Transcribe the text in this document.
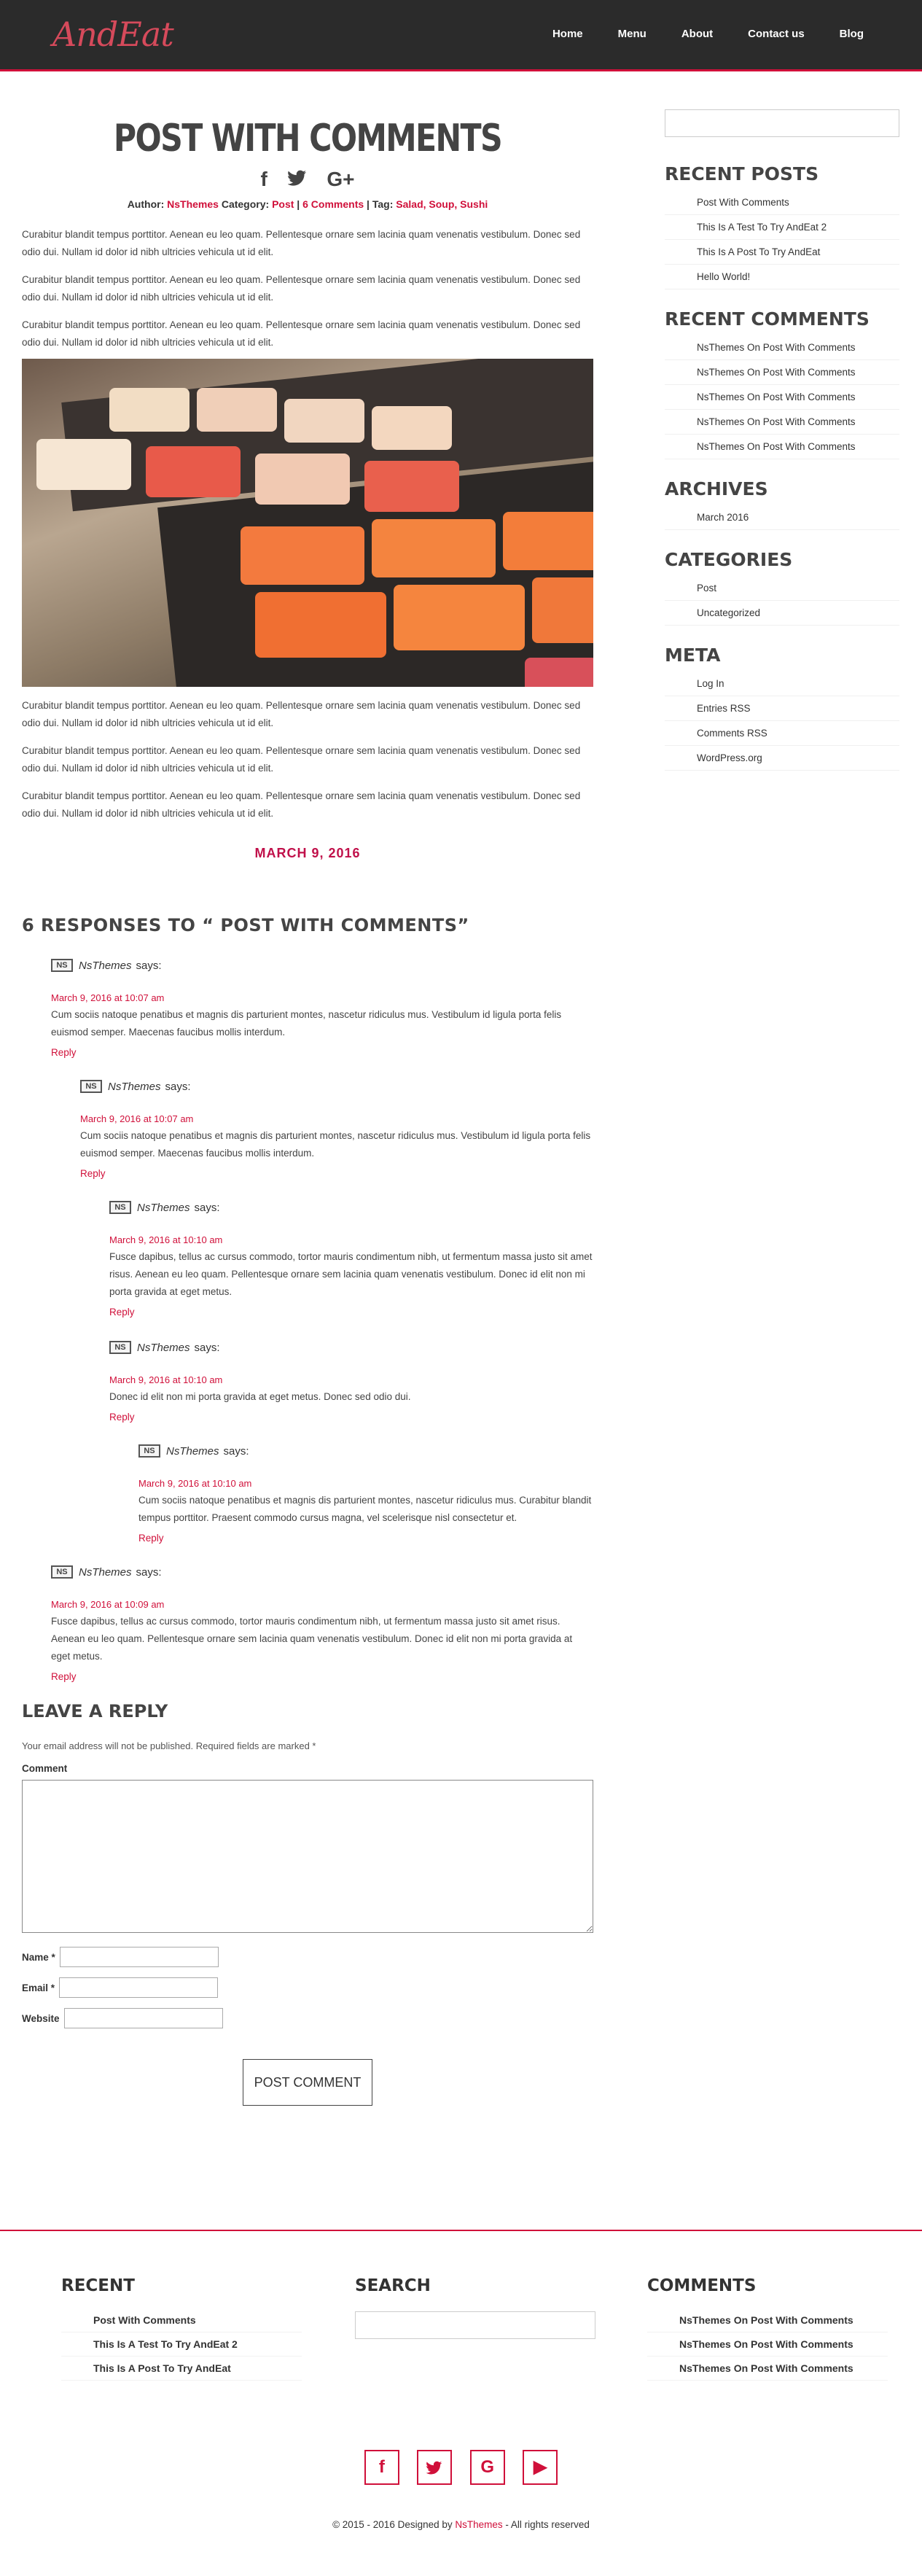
AndEat	Home	Menu	About	Contact us	Blog
POST WITH COMMENTS
f	G+
Author: NsThemes Category: Post | 6 Comments | Tag: Salad, Soup, Sushi

Curabitur blandit tempus porttitor. Aenean eu leo quam. Pellentesque ornare sem lacinia quam venenatis vestibulum. Donec sed odio dui. Nullam id dolor id nibh ultricies vehicula ut id elit.

Curabitur blandit tempus porttitor. Aenean eu leo quam. Pellentesque ornare sem lacinia quam venenatis vestibulum. Donec sed odio dui. Nullam id dolor id nibh ultricies vehicula ut id elit.

Curabitur blandit tempus porttitor. Aenean eu leo quam. Pellentesque ornare sem lacinia quam venenatis vestibulum. Donec sed odio dui. Nullam id dolor id nibh ultricies vehicula ut id elit.

Curabitur blandit tempus porttitor. Aenean eu leo quam. Pellentesque ornare sem lacinia quam venenatis vestibulum. Donec sed odio dui. Nullam id dolor id nibh ultricies vehicula ut id elit.

Curabitur blandit tempus porttitor. Aenean eu leo quam. Pellentesque ornare sem lacinia quam venenatis vestibulum. Donec sed odio dui. Nullam id dolor id nibh ultricies vehicula ut id elit.

Curabitur blandit tempus porttitor. Aenean eu leo quam. Pellentesque ornare sem lacinia quam venenatis vestibulum. Donec sed odio dui. Nullam id dolor id nibh ultricies vehicula ut id elit.

MARCH 9, 2016
6 RESPONSES TO “ POST WITH COMMENTS”
NS	NsThemes says:
March 9, 2016 at 10:07 am
Cum sociis natoque penatibus et magnis dis parturient montes, nascetur ridiculus mus. Vestibulum id ligula porta felis euismod semper. Maecenas faucibus mollis interdum.
Reply
NS	NsThemes says:
March 9, 2016 at 10:07 am
Cum sociis natoque penatibus et magnis dis parturient montes, nascetur ridiculus mus. Vestibulum id ligula porta felis euismod semper. Maecenas faucibus mollis interdum.
Reply
NS	NsThemes says:
March 9, 2016 at 10:10 am
Fusce dapibus, tellus ac cursus commodo, tortor mauris condimentum nibh, ut fermentum massa justo sit amet risus. Aenean eu leo quam. Pellentesque ornare sem lacinia quam venenatis vestibulum. Donec id elit non mi porta gravida at eget metus.
Reply
NS	NsThemes says:
March 9, 2016 at 10:10 am
Donec id elit non mi porta gravida at eget metus. Donec sed odio dui.
Reply
NS	NsThemes says:
March 9, 2016 at 10:10 am
Cum sociis natoque penatibus et magnis dis parturient montes, nascetur ridiculus mus. Curabitur blandit tempus porttitor. Praesent commodo cursus magna, vel scelerisque nisl consectetur et.
Reply
NS	NsThemes says:
March 9, 2016 at 10:09 am
Fusce dapibus, tellus ac cursus commodo, tortor mauris condimentum nibh, ut fermentum massa justo sit amet risus. Aenean eu leo quam. Pellentesque ornare sem lacinia quam venenatis vestibulum. Donec id elit non mi porta gravida at eget metus.
Reply
LEAVE A REPLY

Your email address will not be published. Required fields are marked *

Comment
Name *
Email *
Website
POST COMMENT
RECENT POSTS
Post With Comments
This Is A Test To Try AndEat 2
This Is A Post To Try AndEat
Hello World!
RECENT COMMENTS
NsThemes On Post With Comments
NsThemes On Post With Comments
NsThemes On Post With Comments
NsThemes On Post With Comments
NsThemes On Post With Comments
ARCHIVES
March 2016
CATEGORIES
Post
Uncategorized
META
Log In
Entries RSS
Comments RSS
WordPress.org
RECENT
Post With Comments
This Is A Test To Try AndEat 2
This Is A Post To Try AndEat
SEARCH	COMMENTS
NsThemes On Post With Comments
NsThemes On Post With Comments
NsThemes On Post With Comments
f	G ▶
© 2015 - 2016 Designed by NsThemes - All rights reserved
